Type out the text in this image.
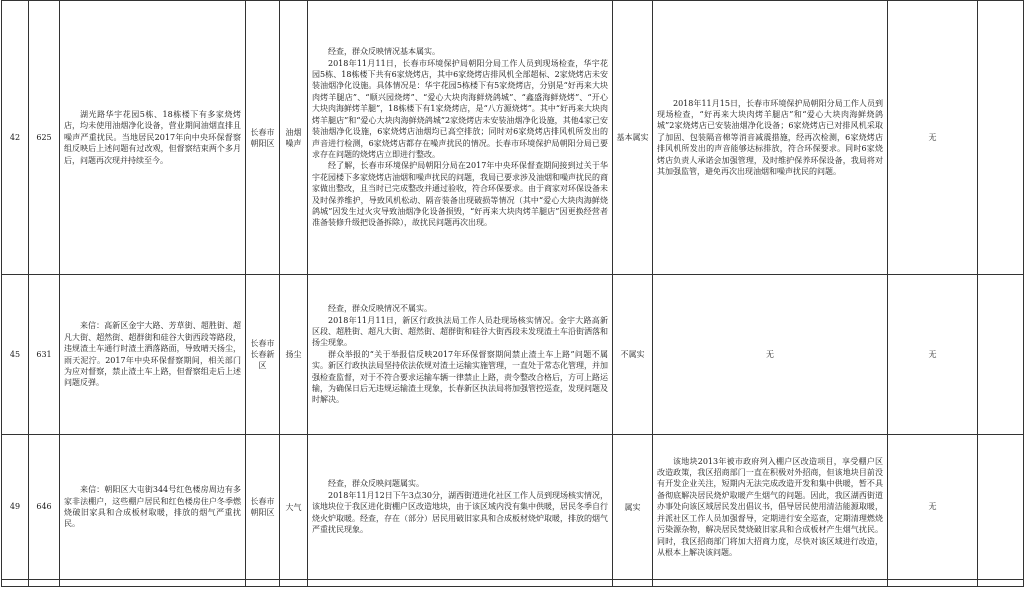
42	625	湖光路华宇花园5栋、18栋楼下有多家烧烤店，均未使用油烟净化设备，营业期间油烟直排且噪声严重扰民。当地居民2017年向中央环保督察组反映后上述问题有过改观，但督察结束两个多月后，问题再次现并持续至今。	长春市朝阳区	油烟噪声	经查，群众反映情况基本属实。
2018年11月11日，长春市环境保护局朝阳分局工作人员到现场检查，华宇花园5栋、18栋楼下共有6家烧烤店，其中6家烧烤店排风机全部超标、2家烧烤店未安装油烟净化设施。具体情况是：华宇花园5栋楼下有5家烧烤店，分别是“好再来大块肉烤羊腿店”、“顺兴园烧烤”、“爱心大块肉海鲜烧鸽城”、“鑫盛海鲜烧烤”、“开心大块肉海鲜烤羊腿”，18栋楼下有1家烧烤店，是“八方源烧烤”。其中“好再来大块肉烤羊腿店”和“爱心大块肉海鲜烧鸽城”2家烧烤店未安装油烟净化设施，其他4家已安装油烟净化设施，6家烧烤店油烟均已高空排放；同时对6家烧烤店排风机所发出的声音进行检测，6家烧烤店都存在噪声扰民的情况。长春市环境保护局朝阳分局已要求存在问题的烧烤店立即进行整改。
经了解，长春市环境保护局朝阳分局在2017年中央环保督查期间接到过关于华宇花园楼下多家烧烤店油烟和噪声扰民的问题，我局已要求涉及油烟和噪声扰民的商家做出整改，且当时已完成整改并通过验收，符合环保要求。由于商家对环保设备未及时保养维护，导致风机松动、隔音装备出现破损等情况（其中“爱心大块肉海鲜烧鸽城”因发生过火灾导致油烟净化设备损毁，“好再来大块肉烤羊腿店”因更换经营者准备装修升级把设备拆除），故扰民问题再次出现。	基本属实	2018年11月15日，长春市环境保护局朝阳分局工作人员到现场检查，“好再来大块肉烤羊腿店”和“爱心大块肉海鲜烧鸽城”2家烧烤店已安装油烟净化设备；6家烧烤店已对排风机采取了加固、包装隔音棉等消音减震措施，经再次检测，6家烧烤店排风机所发出的声音能够达标排放，符合环保要求。同时6家烧烤店负责人承诺会加强管理，及时维护保养环保设备，我局将对其加强监管，避免再次出现油烟和噪声扰民的问题。	无	
45	631	来信：高新区金宇大路、芳草街、超胜街、超凡大街、超然街、超群街和硅谷大街西段等路段，违规渣土车通行时渣土洒落路面，导致晴天扬尘，雨天泥泞。2017年中央环保督察期间，相关部门为应对督察，禁止渣土车上路，但督察组走后上述问题反弹。	长春市长春新区	扬尘	经查，群众反映情况不属实。
2018年11月11日，新区行政执法局工作人员赴现场核实情况。金宇大路高新区段、超胜街、超凡大街、超然街、超群街和硅谷大街西段未发现渣土车沿街洒落和扬尘现象。
群众举报的“关于举报信反映2017年环保督察期间禁止渣土车上路”问题不属实。新区行政执法局坚持依法依规对渣土运输实施管理，一直处于常态化管理，并加强检查监督，对于不符合要求运输车辆一律禁止上路，责令整改合格后，方可上路运输，为确保日后无违规运输渣土现象，长春新区执法局将加强管控巡查，发现问题及时解决。	不属实	无	无	
49	646	来信：朝阳区大屯街344号红色楼房周边有多家非法棚户，这些棚户居民和红色楼房住户冬季燃烧破旧家具和合成板材取暖，排放的烟气严重扰民。	长春市朝阳区	大气	经查，群众反映问题属实。
2018年11月12日下午3点30分，湖西街道进化社区工作人员到现场核实情况，该地块位于我区进化街棚户区改造地块，由于该区域内没有集中供暖，居民冬季自行烧火炉取暖。经查，存在（部分）居民用破旧家具和合成板材烧炉取暖，排放的烟气严重扰民现象。	属实	该地块2013年被市政府列入棚户区改造项目，享受棚户区改造政策，我区招商部门一直在积极对外招商，但该地块目前没有开发企业关注，短期内无法完成改造开发和集中供暖，暂不具备彻底解决居民烧炉取暖产生烟气的问题。因此，我区湖西街道办事处向该区域居民发出倡议书，倡导居民使用清洁能源取暖，并派社区工作人员加强督导，定期进行安全巡查，定期清理燃烧污染源杂物，解决居民焚烧破旧家具和合成板材产生烟气扰民。同时，我区招商部门将加大招商力度，尽快对该区域进行改造，从根本上解决该问题。	无	
